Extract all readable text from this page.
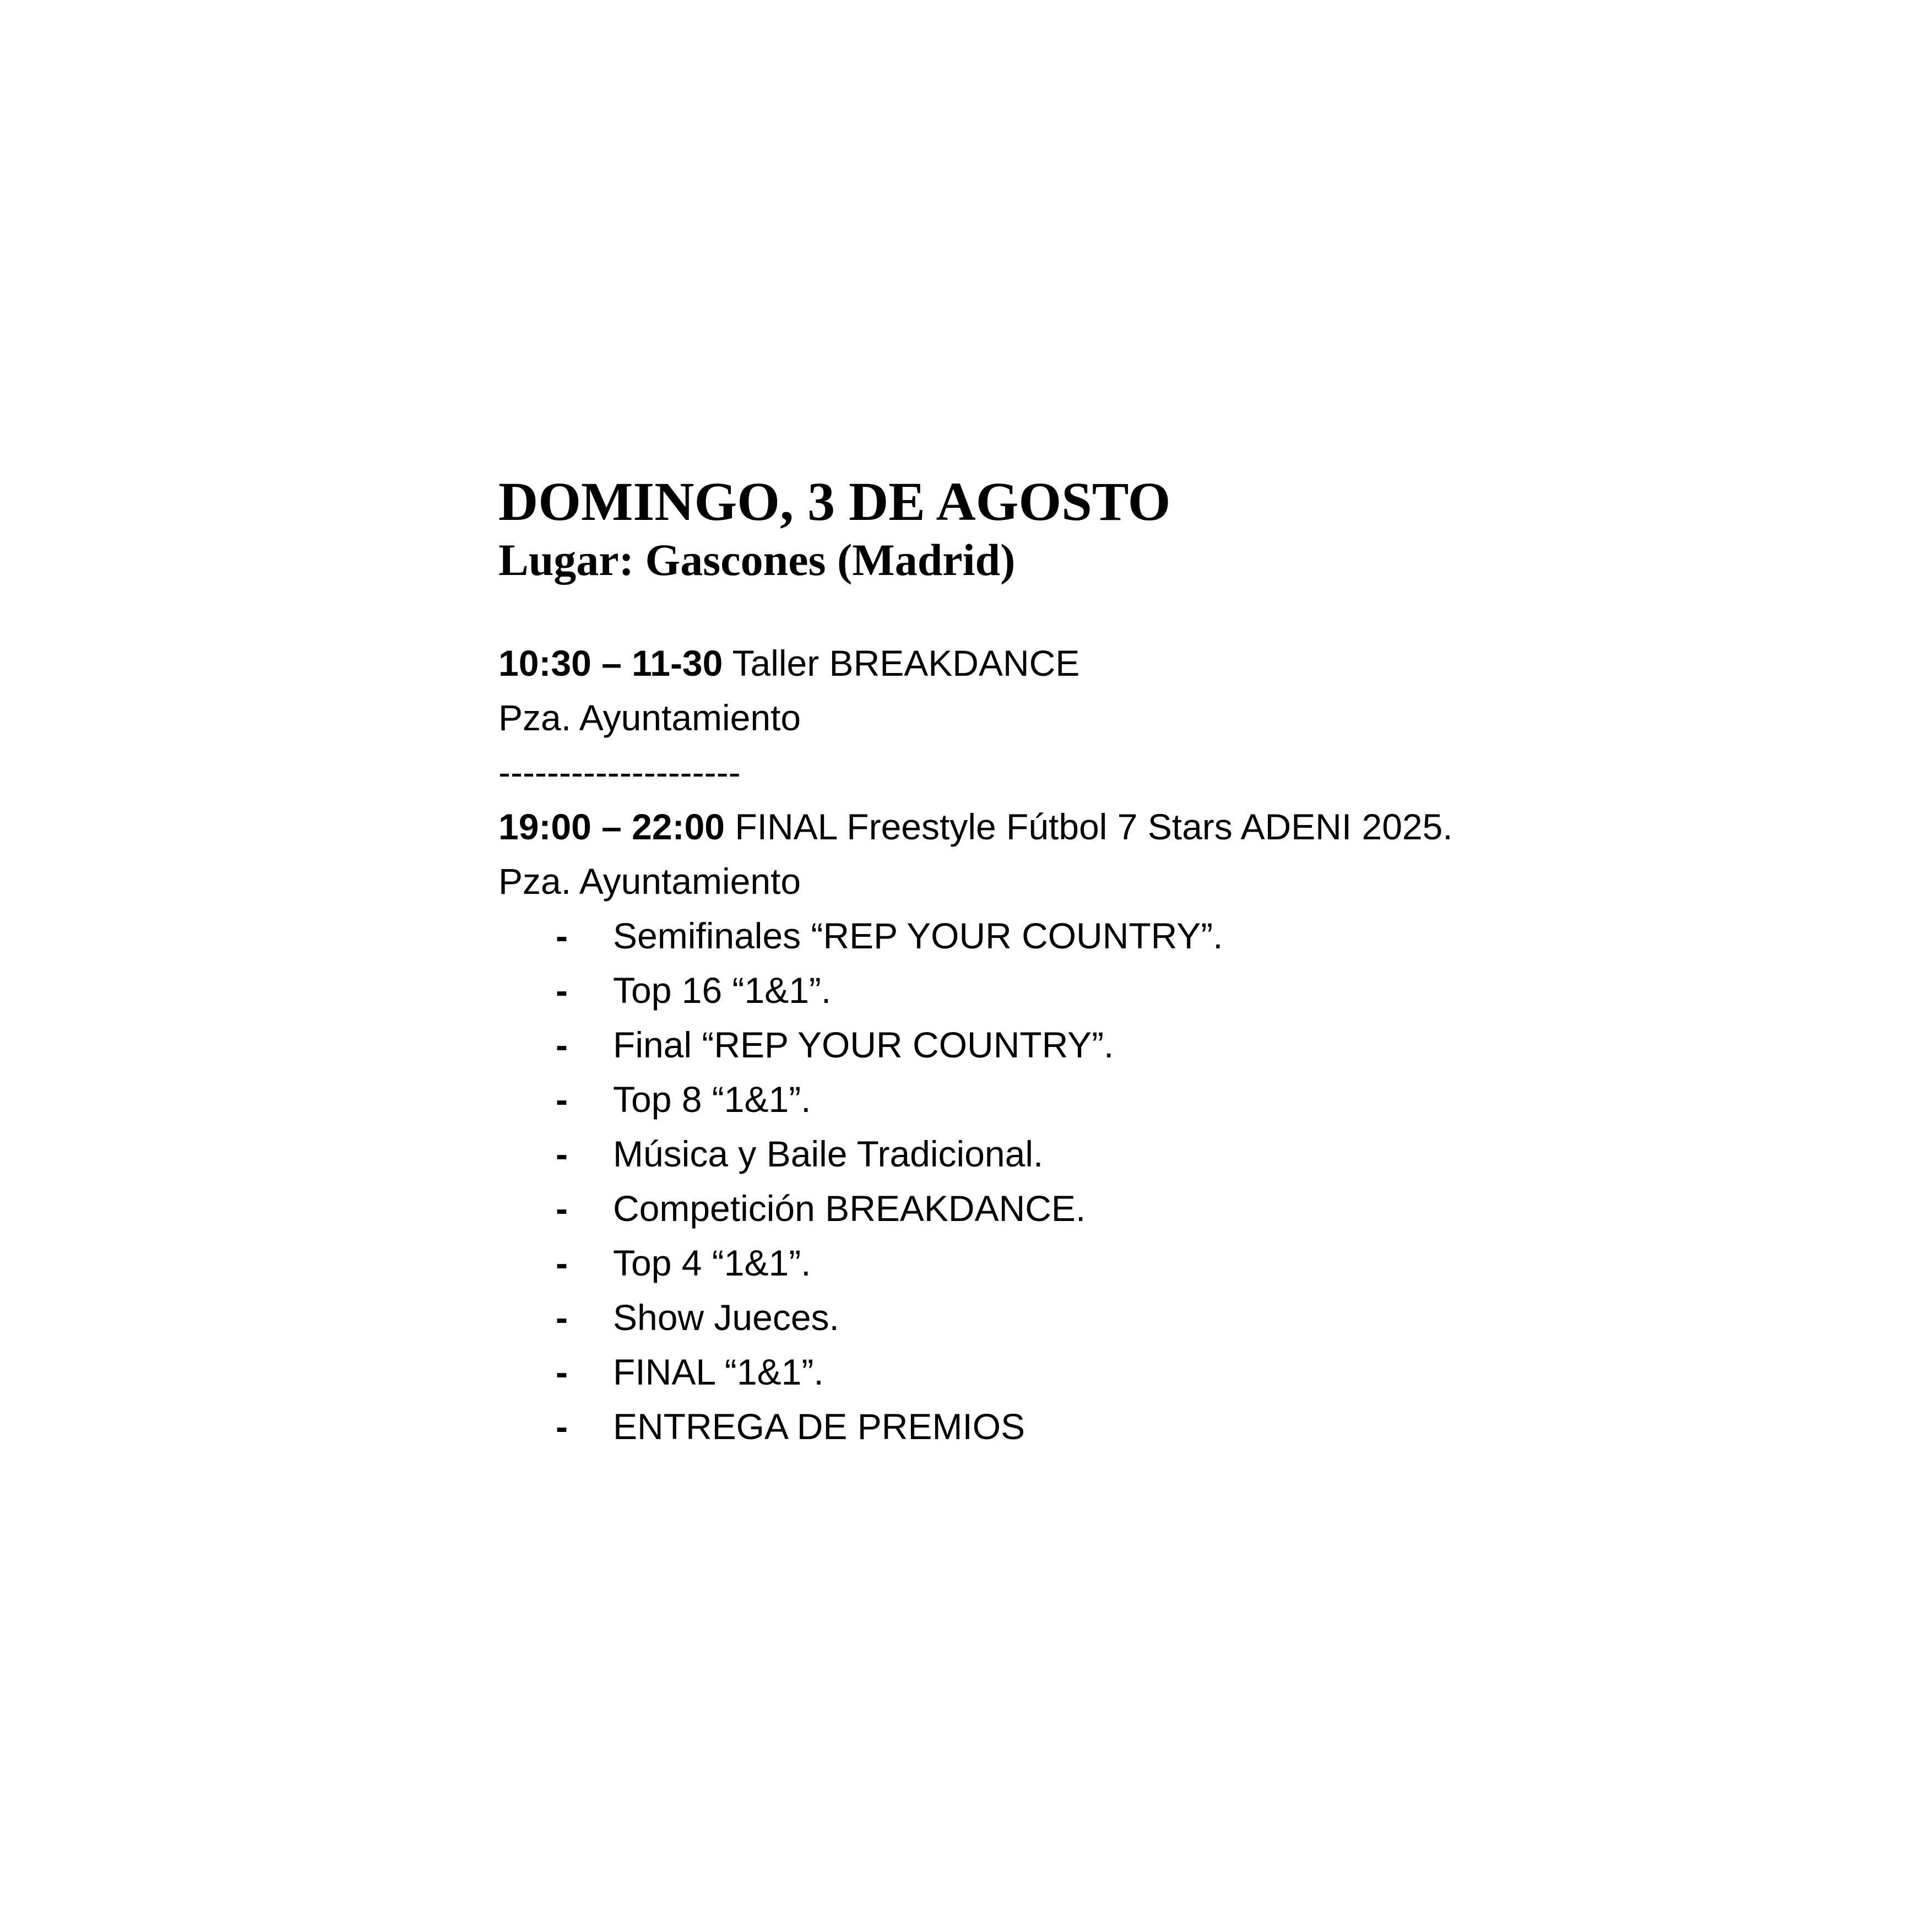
DOMINGO, 3 DE AGOSTO
Lugar: Gascones (Madrid)
10:30 – 11-30 Taller BREAKDANCE
Pza. Ayuntamiento
--------------------
19:00 – 22:00 FINAL Freestyle Fútbol 7 Stars ADENI 2025.
Pza. Ayuntamiento
- Semifinales “REP YOUR COUNTRY”.
- Top 16 “1&1”.
- Final “REP YOUR COUNTRY”.
- Top 8 “1&1”.
- Música y Baile Tradicional.
- Competición BREAKDANCE.
- Top 4 “1&1”.
- Show Jueces.
- FINAL “1&1”.
- ENTREGA DE PREMIOS
